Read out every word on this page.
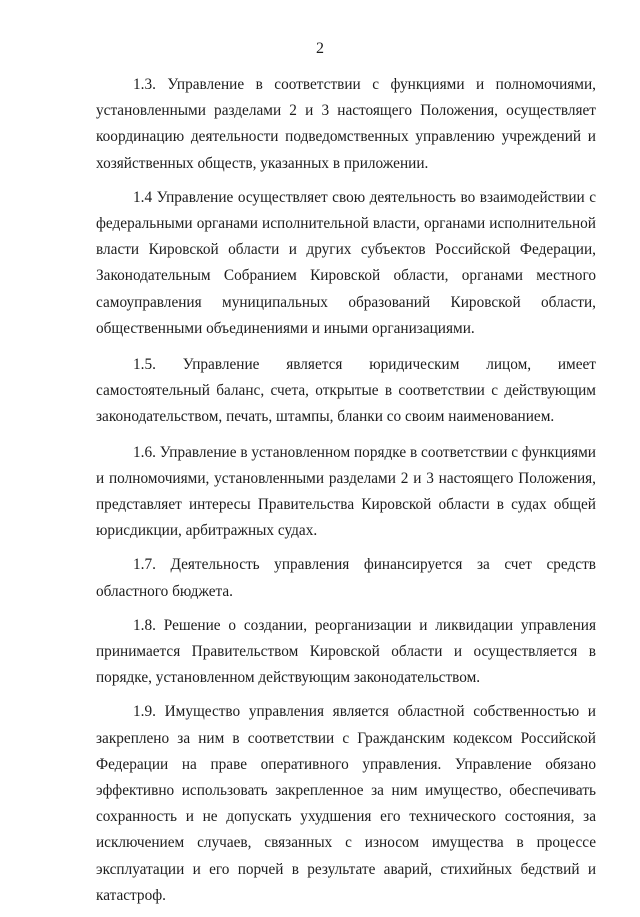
2

1.3. Управление в соответствии с функциями и полномочиями, установленными разделами 2 и 3 настоящего Положения, осуществляет координацию деятельности подведомственных управлению учреждений и хозяйственных обществ, указанных в приложении.

1.4 Управление осуществляет свою деятельность во взаимодействии с федеральными органами исполнительной власти, органами исполнительной власти Кировской области и других субъектов Российской Федерации, Законодательным Собранием Кировской области, органами местного самоуправления муниципальных образований Кировской области, общественными объединениями и иными организациями.

1.5. Управление является юридическим лицом, имеет самостоятельный баланс, счета, открытые в соответствии с действующим законодательством, печать, штампы, бланки со своим наименованием.

1.6. Управление в установленном порядке в соответствии с функциями и полномочиями, установленными разделами 2 и 3 настоящего Положения, представляет интересы Правительства Кировской области в судах общей юрисдикции, арбитражных судах.

1.7. Деятельность управления финансируется за счет средств областного бюджета.

1.8. Решение о создании, реорганизации и ликвидации управления принимается Правительством Кировской области и осуществляется в порядке, установленном действующим законодательством.

1.9. Имущество управления является областной собственностью и закреплено за ним в соответствии с Гражданским кодексом Российской Федерации на праве оперативного управления. Управление обязано эффективно использовать закрепленное за ним имущество, обеспечивать сохранность и не допускать ухудшения его технического состояния, за исключением случаев, связанных с износом имущества в процессе эксплуатации и его порчей в результате аварий, стихийных бедствий и катастроф.
